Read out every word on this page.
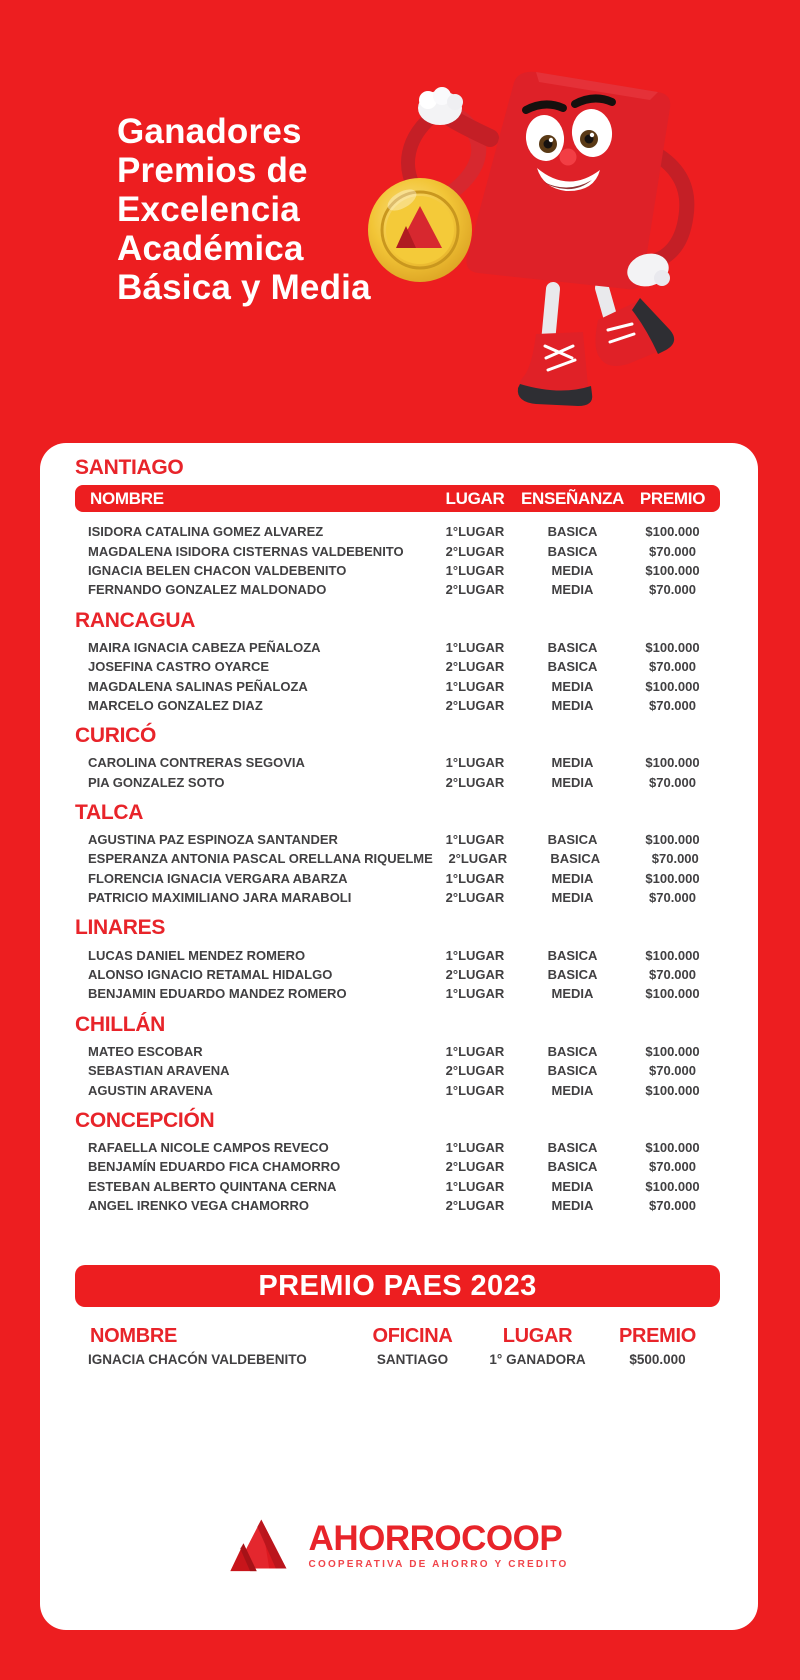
Ganadores
Premios de
Excelencia
Académica
Básica y Media
SANTIAGO
NOMBRE	LUGAR ENSEÑANZA PREMIO
ISIDORA CATALINA GOMEZ ALVAREZ	1°LUGAR	BASICA	$100.000
MAGDALENA ISIDORA CISTERNAS VALDEBENITO	2°LUGAR	BASICA	$70.000
IGNACIA BELEN CHACON VALDEBENITO	1°LUGAR	MEDIA	$100.000
FERNANDO GONZALEZ MALDONADO	2°LUGAR	MEDIA	$70.000
RANCAGUA
MAIRA IGNACIA CABEZA PEÑALOZA	1°LUGAR	BASICA	$100.000
JOSEFINA CASTRO OYARCE	2°LUGAR	BASICA	$70.000
MAGDALENA SALINAS PEÑALOZA	1°LUGAR	MEDIA	$100.000
MARCELO GONZALEZ DIAZ	2°LUGAR	MEDIA	$70.000
CURICÓ
CAROLINA CONTRERAS SEGOVIA	1°LUGAR	MEDIA	$100.000
PIA GONZALEZ SOTO	2°LUGAR	MEDIA	$70.000
TALCA
AGUSTINA PAZ ESPINOZA SANTANDER	1°LUGAR	BASICA	$100.000
ESPERANZA ANTONIA PASCAL ORELLANA RIQUELME	2°LUGAR	BASICA	$70.000
FLORENCIA IGNACIA VERGARA ABARZA	1°LUGAR	MEDIA	$100.000
PATRICIO MAXIMILIANO JARA MARABOLI	2°LUGAR	MEDIA	$70.000
LINARES
LUCAS DANIEL MENDEZ ROMERO	1°LUGAR	BASICA	$100.000
ALONSO IGNACIO RETAMAL HIDALGO	2°LUGAR	BASICA	$70.000
BENJAMIN EDUARDO MANDEZ ROMERO	1°LUGAR	MEDIA	$100.000
CHILLÁN
MATEO ESCOBAR	1°LUGAR	BASICA	$100.000
SEBASTIAN ARAVENA	2°LUGAR	BASICA	$70.000
AGUSTIN ARAVENA	1°LUGAR	MEDIA	$100.000
CONCEPCIÓN
RAFAELLA NICOLE CAMPOS REVECO	1°LUGAR	BASICA	$100.000
BENJAMÍN EDUARDO FICA CHAMORRO	2°LUGAR	BASICA	$70.000
ESTEBAN ALBERTO QUINTANA CERNA	1°LUGAR	MEDIA	$100.000
ANGEL IRENKO VEGA CHAMORRO	2°LUGAR	MEDIA	$70.000
PREMIO PAES 2023
NOMBRE	OFICINA	LUGAR	PREMIO
IGNACIA CHACÓN VALDEBENITO	SANTIAGO	1° GANADORA	$500.000
AHORROCOOP
COOPERATIVA DE AHORRO Y CREDITO
